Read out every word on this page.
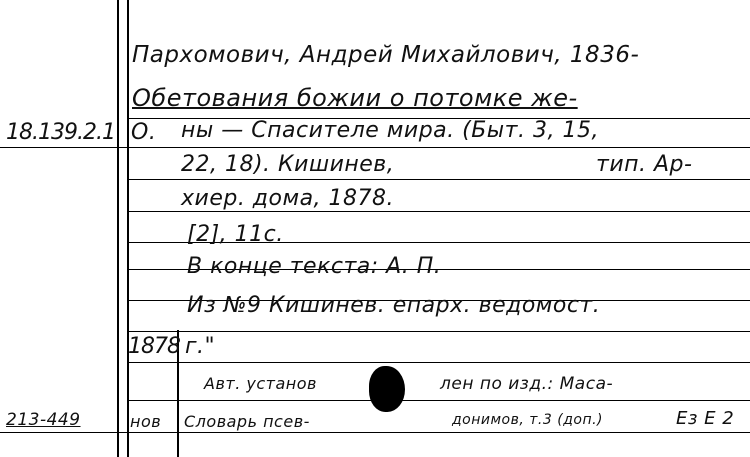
Пархомович, Андрей Михайлович, 1836-
Обетования божии о потомке же-
18.139.2.1 О. ны — Спасителе мира. (Быт. 3, 15,
22, 18). Кишинев,	тип. Ар-
хиер. дома, 1878.
[2], 11с.
В конце текста: А. П.
Из №9 Кишинев. епарх. ведомост.
1878 г."
Авт. установ	лен по изд.: Маса-
213-449	нов Словарь псев-	донимов, т.3 (доп.)	Ез Е 2
